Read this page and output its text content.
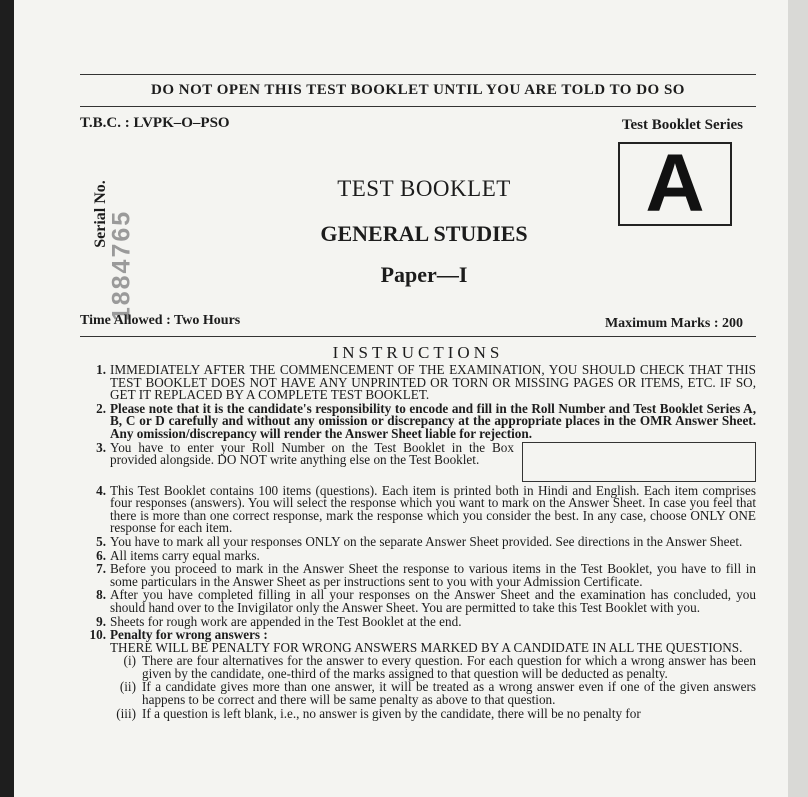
DO NOT OPEN THIS TEST BOOKLET UNTIL YOU ARE TOLD TO DO SO
T.B.C. : LVPK–O–PSO	Test Booklet Series
A
Serial No.
1884765
TEST BOOKLET
GENERAL STUDIES
Paper—I
Time Allowed : Two Hours	Maximum Marks : 200
INSTRUCTIONS
1. IMMEDIATELY AFTER THE COMMENCEMENT OF THE EXAMINATION, YOU SHOULD CHECK THAT THIS TEST BOOKLET DOES NOT HAVE ANY UNPRINTED OR TORN OR MISSING PAGES OR ITEMS, ETC. IF SO, GET IT REPLACED BY A COMPLETE TEST BOOKLET.
2. Please note that it is the candidate's responsibility to encode and fill in the Roll Number and Test Booklet Series A, B, C or D carefully and without any omission or discrepancy at the appropriate places in the OMR Answer Sheet. Any omission/discrepancy will render the Answer Sheet liable for rejection.
3. You have to enter your Roll Number on the Test Booklet in the Box provided alongside. DO NOT write anything else on the Test Booklet.
4. This Test Booklet contains 100 items (questions). Each item is printed both in Hindi and English. Each item comprises four responses (answers). You will select the response which you want to mark on the Answer Sheet. In case you feel that there is more than one correct response, mark the response which you consider the best. In any case, choose ONLY ONE response for each item.
5. You have to mark all your responses ONLY on the separate Answer Sheet provided. See directions in the Answer Sheet.
6. All items carry equal marks.
7. Before you proceed to mark in the Answer Sheet the response to various items in the Test Booklet, you have to fill in some particulars in the Answer Sheet as per instructions sent to you with your Admission Certificate.
8. After you have completed filling in all your responses on the Answer Sheet and the examination has concluded, you should hand over to the Invigilator only the Answer Sheet. You are permitted to take this Test Booklet with you.
9. Sheets for rough work are appended in the Test Booklet at the end.
10. Penalty for wrong answers :
THERE WILL BE PENALTY FOR WRONG ANSWERS MARKED BY A CANDIDATE IN ALL THE QUESTIONS.
(i) There are four alternatives for the answer to every question. For each question for which a wrong answer has been given by the candidate, one-third of the marks assigned to that question will be deducted as penalty.
(ii) If a candidate gives more than one answer, it will be treated as a wrong answer even if one of the given answers happens to be correct and there will be same penalty as above to that question.
(iii) If a question is left blank, i.e., no answer is given by the candidate, there will be no penalty for
